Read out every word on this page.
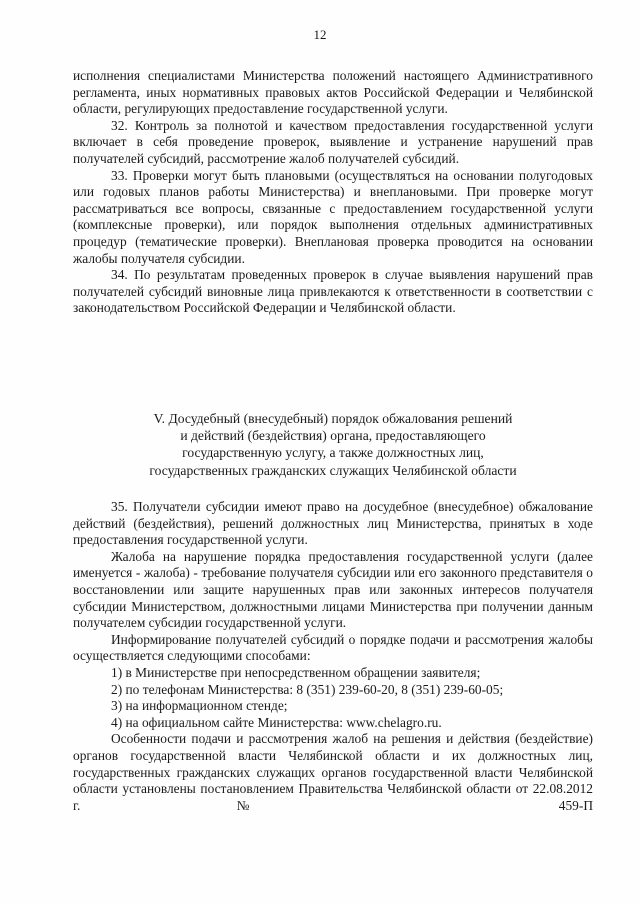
12

исполнения специалистами Министерства положений настоящего Административного регламента, иных нормативных правовых актов Российской Федерации и Челябинской области, регулирующих предоставление государственной услуги.

32. Контроль за полнотой и качеством предоставления государственной услуги включает в себя проведение проверок, выявление и устранение нарушений прав получателей субсидий, рассмотрение жалоб получателей субсидий.

33. Проверки могут быть плановыми (осуществляться на основании полугодовых или годовых планов работы Министерства) и внеплановыми. При проверке могут рассматриваться все вопросы, связанные с предоставлением государственной услуги (комплексные проверки), или порядок выполнения отдельных административных процедур (тематические проверки). Внеплановая проверка проводится на основании жалобы получателя субсидии.

34. По результатам проведенных проверок в случае выявления нарушений прав получателей субсидий виновные лица привлекаются к ответственности в соответствии с законодательством Российской Федерации и Челябинской области.

V. Досудебный (внесудебный) порядок обжалования решений
и действий (бездействия) органа, предоставляющего
государственную услугу, а также должностных лиц,
государственных гражданских служащих Челябинской области

35. Получатели субсидии имеют право на досудебное (внесудебное) обжалование действий (бездействия), решений должностных лиц Министерства, принятых в ходе предоставления государственной услуги.

Жалоба на нарушение порядка предоставления государственной услуги (далее именуется - жалоба) - требование получателя субсидии или его законного представителя о восстановлении или защите нарушенных прав или законных интересов получателя субсидии Министерством, должностными лицами Министерства при получении данным получателем субсидии государственной услуги.

Информирование получателей субсидий о порядке подачи и рассмотрения жалобы осуществляется следующими способами:

1) в Министерстве при непосредственном обращении заявителя;

2) по телефонам Министерства: 8 (351) 239-60-20, 8 (351) 239-60-05;

3) на информационном стенде;

4) на официальном сайте Министерства: www.chelagro.ru.

Особенности подачи и рассмотрения жалоб на решения и действия (бездействие) органов государственной власти Челябинской области и их должностных лиц, государственных гражданских служащих органов государственной власти Челябинской области установлены постановлением Правительства Челябинской области от 22.08.2012 г. № 459-П
